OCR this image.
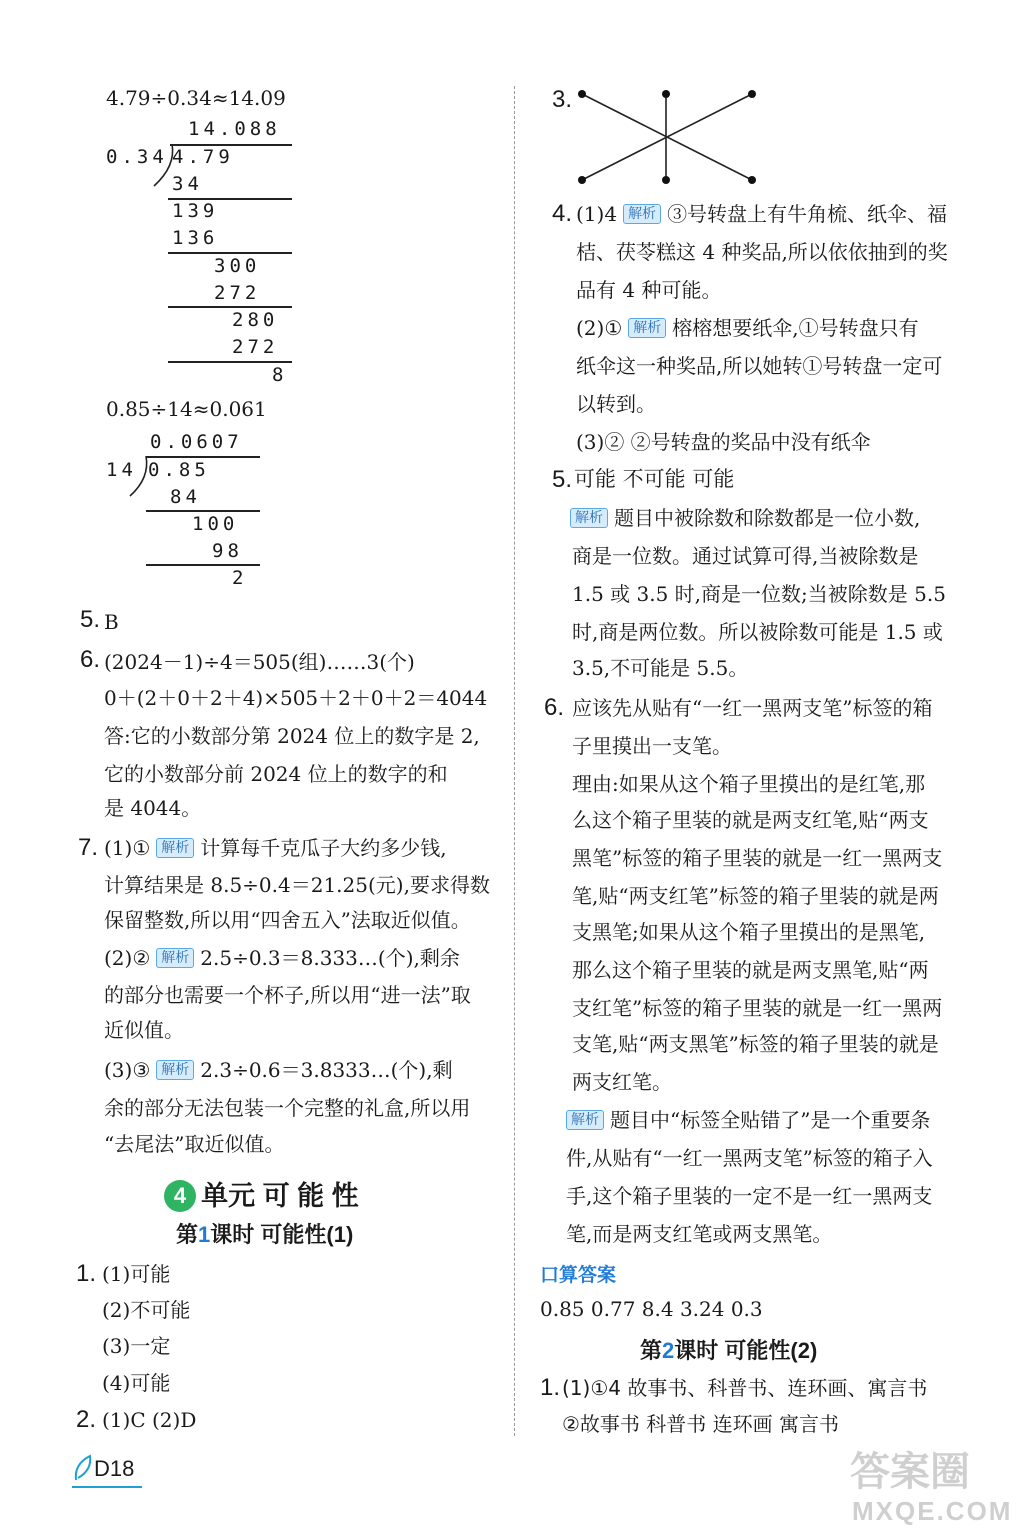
4.79÷0.34≈14.09
14.088
0.34 4.79
34
139
136
300
272
280
272
8
0.85÷14≈0.061
0.0607
14 0.85
84
100
98
2
5. B
6. (2024－1)÷4＝505(组)……3(个)
0＋(2＋0＋2＋4)×505＋2＋0＋2＝4044
答:它的小数部分第 2024 位上的数字是 2,
它的小数部分前 2024 位上的数字的和
是 4044。
7. (1)① 解析 计算每千克瓜子大约多少钱,
计算结果是 8.5÷0.4＝21.25(元),要求得数
保留整数,所以用“四舍五入”法取近似值。
(2)② 解析 2.5÷0.3＝8.333…(个),剩余
的部分也需要一个杯子,所以用“进一法”取
近似值。
(3)③ 解析 2.3÷0.6＝3.8333…(个),剩
余的部分无法包装一个完整的礼盒,所以用
“去尾法”取近似值。
4 单元 可 能 性
第1课时 可能性(1)
1. (1)可能
(2)不可能
(3)一定
(4)可能
2. (1)C (2)D
D18
3.
4. (1)4 解析 ③号转盘上有牛角梳、纸伞、福
桔、茯苓糕这 4 种奖品,所以依依抽到的奖
品有 4 种可能。
(2)① 解析 榕榕想要纸伞,①号转盘只有
纸伞这一种奖品,所以她转①号转盘一定可
以转到。
(3)② ②号转盘的奖品中没有纸伞
5. 可能 不可能 可能
解析 题目中被除数和除数都是一位小数,
商是一位数。通过试算可得,当被除数是
1.5 或 3.5 时,商是一位数;当被除数是 5.5
时,商是两位数。所以被除数可能是 1.5 或
3.5,不可能是 5.5。
6. 应该先从贴有“一红一黑两支笔”标签的箱
子里摸出一支笔。
理由:如果从这个箱子里摸出的是红笔,那
么这个箱子里装的就是两支红笔,贴“两支
黑笔”标签的箱子里装的就是一红一黑两支
笔,贴“两支红笔”标签的箱子里装的就是两
支黑笔;如果从这个箱子里摸出的是黑笔,
那么这个箱子里装的就是两支黑笔,贴“两
支红笔”标签的箱子里装的就是一红一黑两
支笔,贴“两支黑笔”标签的箱子里装的就是
两支红笔。
解析 题目中“标签全贴错了”是一个重要条
件,从贴有“一红一黑两支笔”标签的箱子入
手,这个箱子里装的一定不是一红一黑两支
笔,而是两支红笔或两支黑笔。
口算答案
0.85 0.77 8.4 3.24 0.3
第2课时 可能性(2)
1. (1)①4 故事书、科普书、连环画、寓言书
②故事书 科普书 连环画 寓言书
答案圈
MXQE.COM
